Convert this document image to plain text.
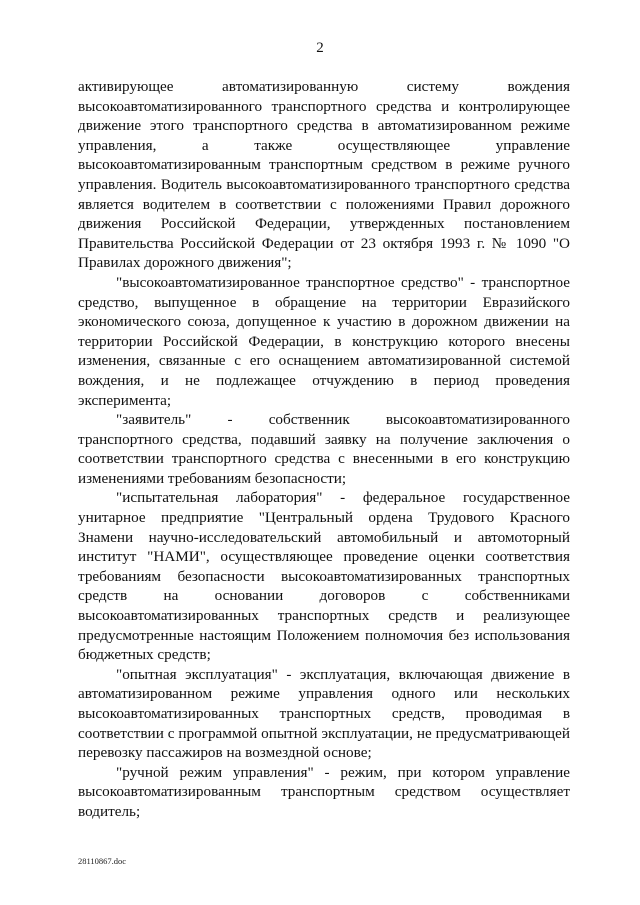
2

активирующее автоматизированную систему вождения высокоавтоматизированного транспортного средства и контролирующее движение этого транспортного средства в автоматизированном режиме управления, а также осуществляющее управление высокоавтоматизированным транспортным средством в режиме ручного управления. Водитель высокоавтоматизированного транспортного средства является водителем в соответствии с положениями Правил дорожного движения Российской Федерации, утвержденных постановлением Правительства Российской Федерации от 23 октября 1993 г. № 1090 "О Правилах дорожного движения";

"высокоавтоматизированное транспортное средство" - транспортное средство, выпущенное в обращение на территории Евразийского экономического союза, допущенное к участию в дорожном движении на территории Российской Федерации, в конструкцию которого внесены изменения, связанные с его оснащением автоматизированной системой вождения, и не подлежащее отчуждению в период проведения эксперимента;

"заявитель" - собственник высокоавтоматизированного транспортного средства, подавший заявку на получение заключения о соответствии транспортного средства с внесенными в его конструкцию изменениями требованиям безопасности;

"испытательная лаборатория" - федеральное государственное унитарное предприятие "Центральный ордена Трудового Красного Знамени научно-исследовательский автомобильный и автомоторный институт "НАМИ", осуществляющее проведение оценки соответствия требованиям безопасности высокоавтоматизированных транспортных средств на основании договоров с собственниками высокоавтоматизированных транспортных средств и реализующее предусмотренные настоящим Положением полномочия без использования бюджетных средств;

"опытная эксплуатация" - эксплуатация, включающая движение в автоматизированном режиме управления одного или нескольких высокоавтоматизированных транспортных средств, проводимая в соответствии с программой опытной эксплуатации, не предусматривающей перевозку пассажиров на возмездной основе;

"ручной режим управления" - режим, при котором управление высокоавтоматизированным транспортным средством осуществляет водитель;

28110867.doc
